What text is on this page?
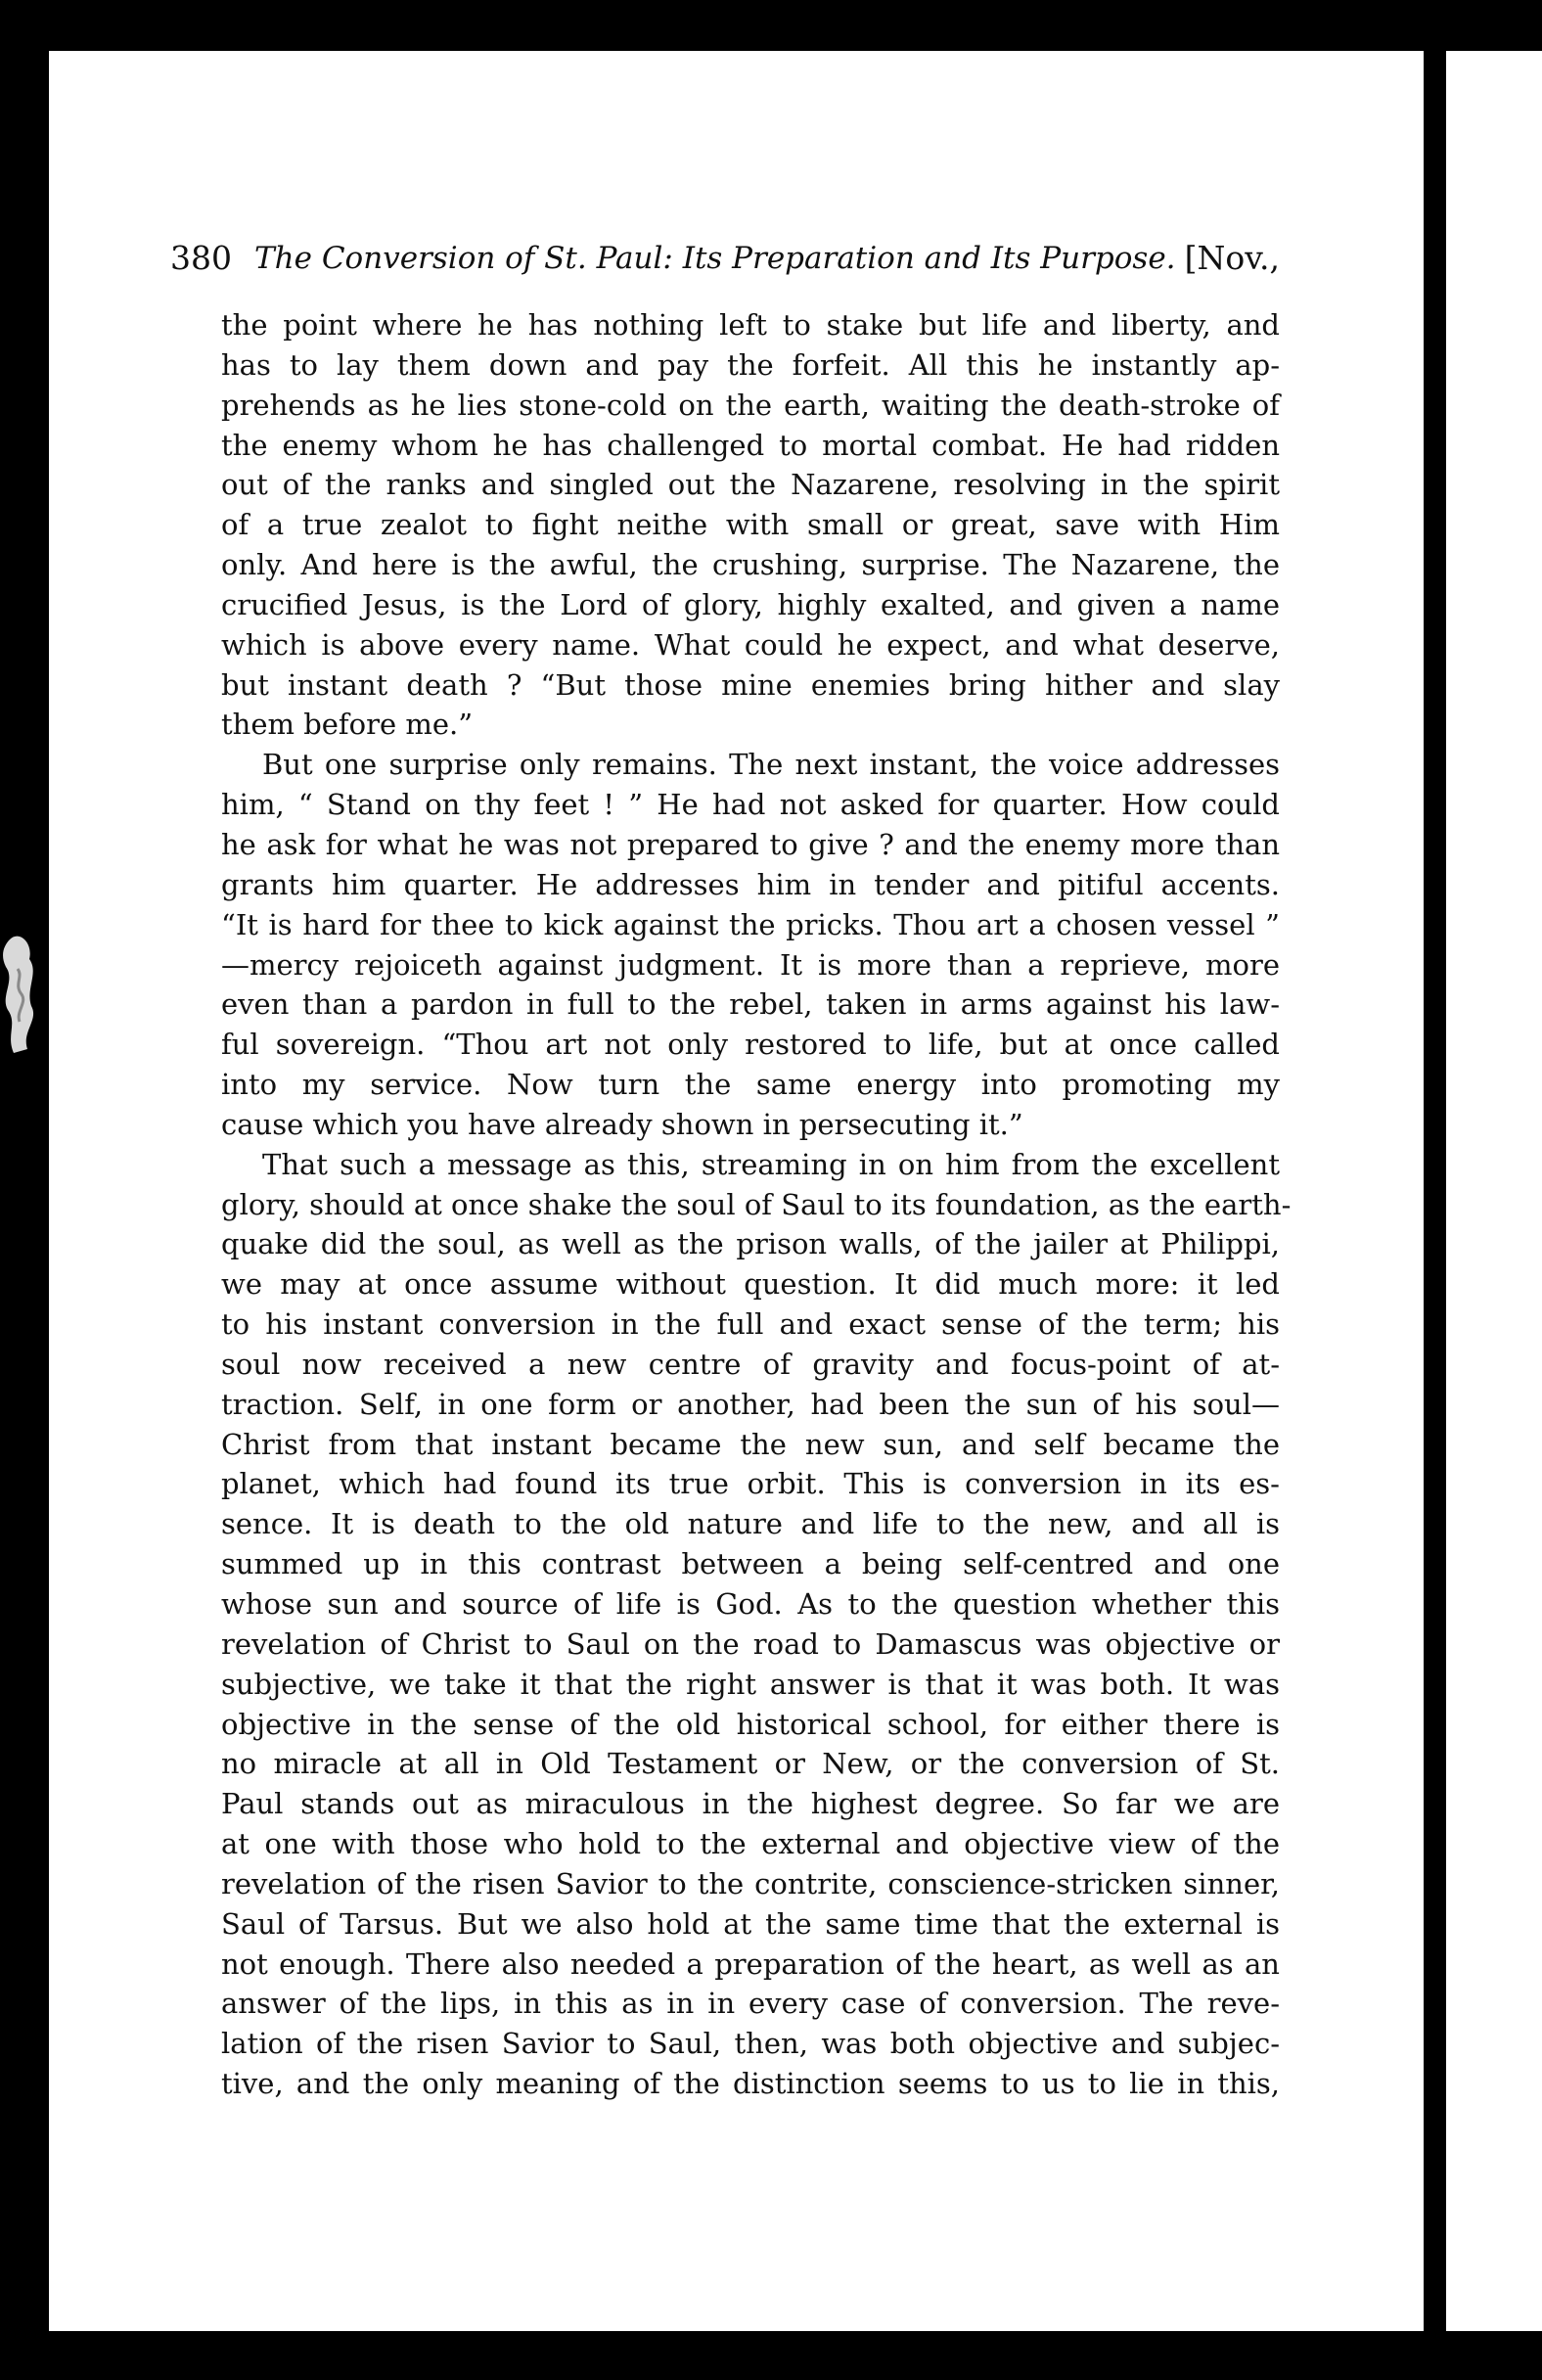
380 The Conversion of St. Paul: Its Preparation and Its Purpose. [Nov.,
the point where he has nothing left to stake but life and liberty, and
has to lay them down and pay the forfeit. All this he instantly ap-
prehends as he lies stone-cold on the earth, waiting the death-stroke of
the enemy whom he has challenged to mortal combat. He had ridden
out of the ranks and singled out the Nazarene, resolving in the spirit
of a true zealot to fight neithe with small or great, save with Him
only. And here is the awful, the crushing, surprise. The Nazarene, the
crucified Jesus, is the Lord of glory, highly exalted, and given a name
which is above every name. What could he expect, and what deserve,
but instant death ? “But those mine enemies bring hither and slay
them before me.”
But one surprise only remains. The next instant, the voice addresses
him, “ Stand on thy feet ! ” He had not asked for quarter. How could
he ask for what he was not prepared to give ? and the enemy more than
grants him quarter. He addresses him in tender and pitiful accents.
“It is hard for thee to kick against the pricks. Thou art a chosen vessel ”
—mercy rejoiceth against judgment. It is more than a reprieve, more
even than a pardon in full to the rebel, taken in arms against his law-
ful sovereign. “Thou art not only restored to life, but at once called
into my service. Now turn the same energy into promoting my
cause which you have already shown in persecuting it.”
That such a message as this, streaming in on him from the excellent
glory, should at once shake the soul of Saul to its foundation, as the earth-
quake did the soul, as well as the prison walls, of the jailer at Philippi,
we may at once assume without question. It did much more: it led
to his instant conversion in the full and exact sense of the term; his
soul now received a new centre of gravity and focus-point of at-
traction. Self, in one form or another, had been the sun of his soul—
Christ from that instant became the new sun, and self became the
planet, which had found its true orbit. This is conversion in its es-
sence. It is death to the old nature and life to the new, and all is
summed up in this contrast between a being self-centred and one
whose sun and source of life is God. As to the question whether this
revelation of Christ to Saul on the road to Damascus was objective or
subjective, we take it that the right answer is that it was both. It was
objective in the sense of the old historical school, for either there is
no miracle at all in Old Testament or New, or the conversion of St.
Paul stands out as miraculous in the highest degree. So far we are
at one with those who hold to the external and objective view of the
revelation of the risen Savior to the contrite, conscience-stricken sinner,
Saul of Tarsus. But we also hold at the same time that the external is
not enough. There also needed a preparation of the heart, as well as an
answer of the lips, in this as in in every case of conversion. The reve-
lation of the risen Savior to Saul, then, was both objective and subjec-
tive, and the only meaning of the distinction seems to us to lie in this,
